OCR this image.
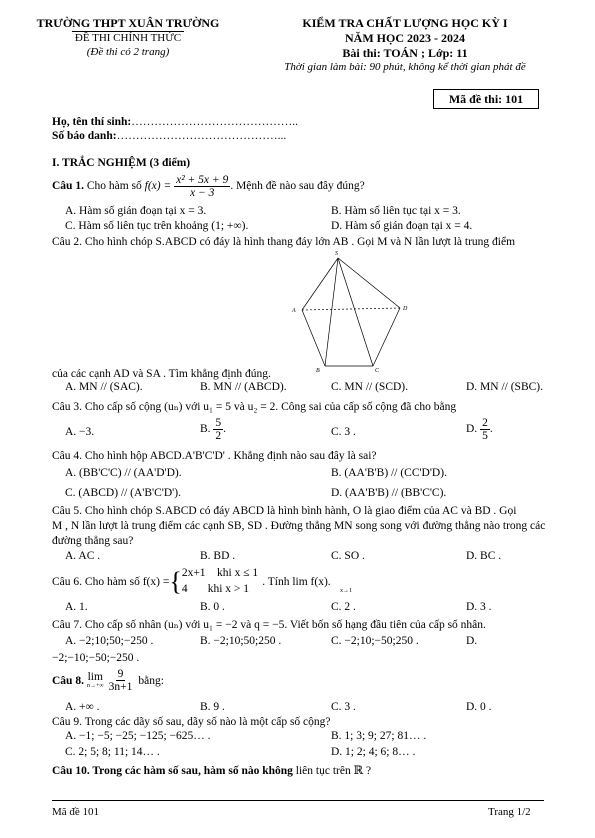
TRƯỜNG THPT XUÂN TRƯỜNG
ĐỀ THI CHÍNH THỨC
(Đề thi có 2 trang)
KIỂM TRA CHẤT LƯỢNG HỌC KỲ I
NĂM HỌC 2023 - 2024
Bài thi: TOÁN ; Lớp: 11
Thời gian làm bài: 90 phút, không kể thời gian phát đề
Mã đề thi: 101
Họ, tên thí sinh:……………………………………..
Số báo danh:……………………………………...
I. TRẮC NGHIỆM (3 điểm)
Câu 1. Cho hàm số $f(x) = \frac{\text{x² + 5x + 9}}{x - 3}$ . Mệnh đề nào sau đây đúng?
A. Hàm số gián đoạn tại x = 3.	B. Hàm số liên tục tại x = 3.
C. Hàm số liên tục trên khoảng (1; +∞).	D. Hàm số gián đoạn tại x = 4.
Câu 2. Cho hình chóp S.ABCD có đáy là hình thang đáy lớn AB . Gọi M và N lần lượt là trung điểm
S
A	D
B	C
của các cạnh AD và SA . Tìm khẳng định đúng.
A. MN // (SAC).	B. MN // (ABCD).	C. MN // (SCD).	D. MN // (SBC).
Câu 3. Cho cấp số cộng (uₙ) với u₁ = 5 và u₂ = 2. Công sai của cấp số cộng đã cho bằng
A. −3.	B. $\frac{5}{2}$ .	C. 3 .	D. $\frac{2}{5}$ .
Câu 4. Cho hình hộp ABCD.A'B'C'D' . Khẳng định nào sau đây là sai?
A. (BB'C'C) // (AA'D'D).	B. (AA'B'B) // (CC'D'D).
C. (ABCD) // (A'B'C'D').	D. (AA'B'B) // (BB'C'C).
Câu 5. Cho hình chóp S.ABCD có đáy ABCD là hình bình hành, O là giao điểm của AC và BD . Gọi
M , N lần lượt là trung điểm các cạnh SB, SD . Đường thẳng MN song song với đường thẳng nào trong các
đường thẳng sau?
A. AC .	B. BD .	C. SO .	D. BC .
Câu 6. Cho hàm số f(x) = { 2x+1    khi x ≤ 1
4       khi x > 1
. Tính lim f(x).
x→1
A. 1.	B. 0 .	C. 2 .	D. 3 .
Câu 7. Cho cấp số nhân (uₙ) với u₁ = −2 và q = −5. Viết bốn số hạng đầu tiên của cấp số nhân.
A. −2;10;50;−250 .	B. −2;10;50;250 .	C. −2;10;−50;250 .	D.
−2;−10;−50;−250 .
Câu 8. lim
$n\to+\infty \frac{9}{3n+1}$ bằng:
A. +∞ .	B. 9 .	C. 3 .	D. 0 .
Câu 9. Trong các dãy số sau, dãy số nào là một cấp số cộng?
A. −1; −5; −25; −125; −625… .	B. 1; 3; 9; 27; 81… .
C. 2; 5; 8; 11; 14… .	D. 1; 2; 4; 6; 8… .
Câu 10. Trong các hàm số sau, hàm số nào không liên tục trên ℝ ?
Mã đề 101	Trang 1/2
